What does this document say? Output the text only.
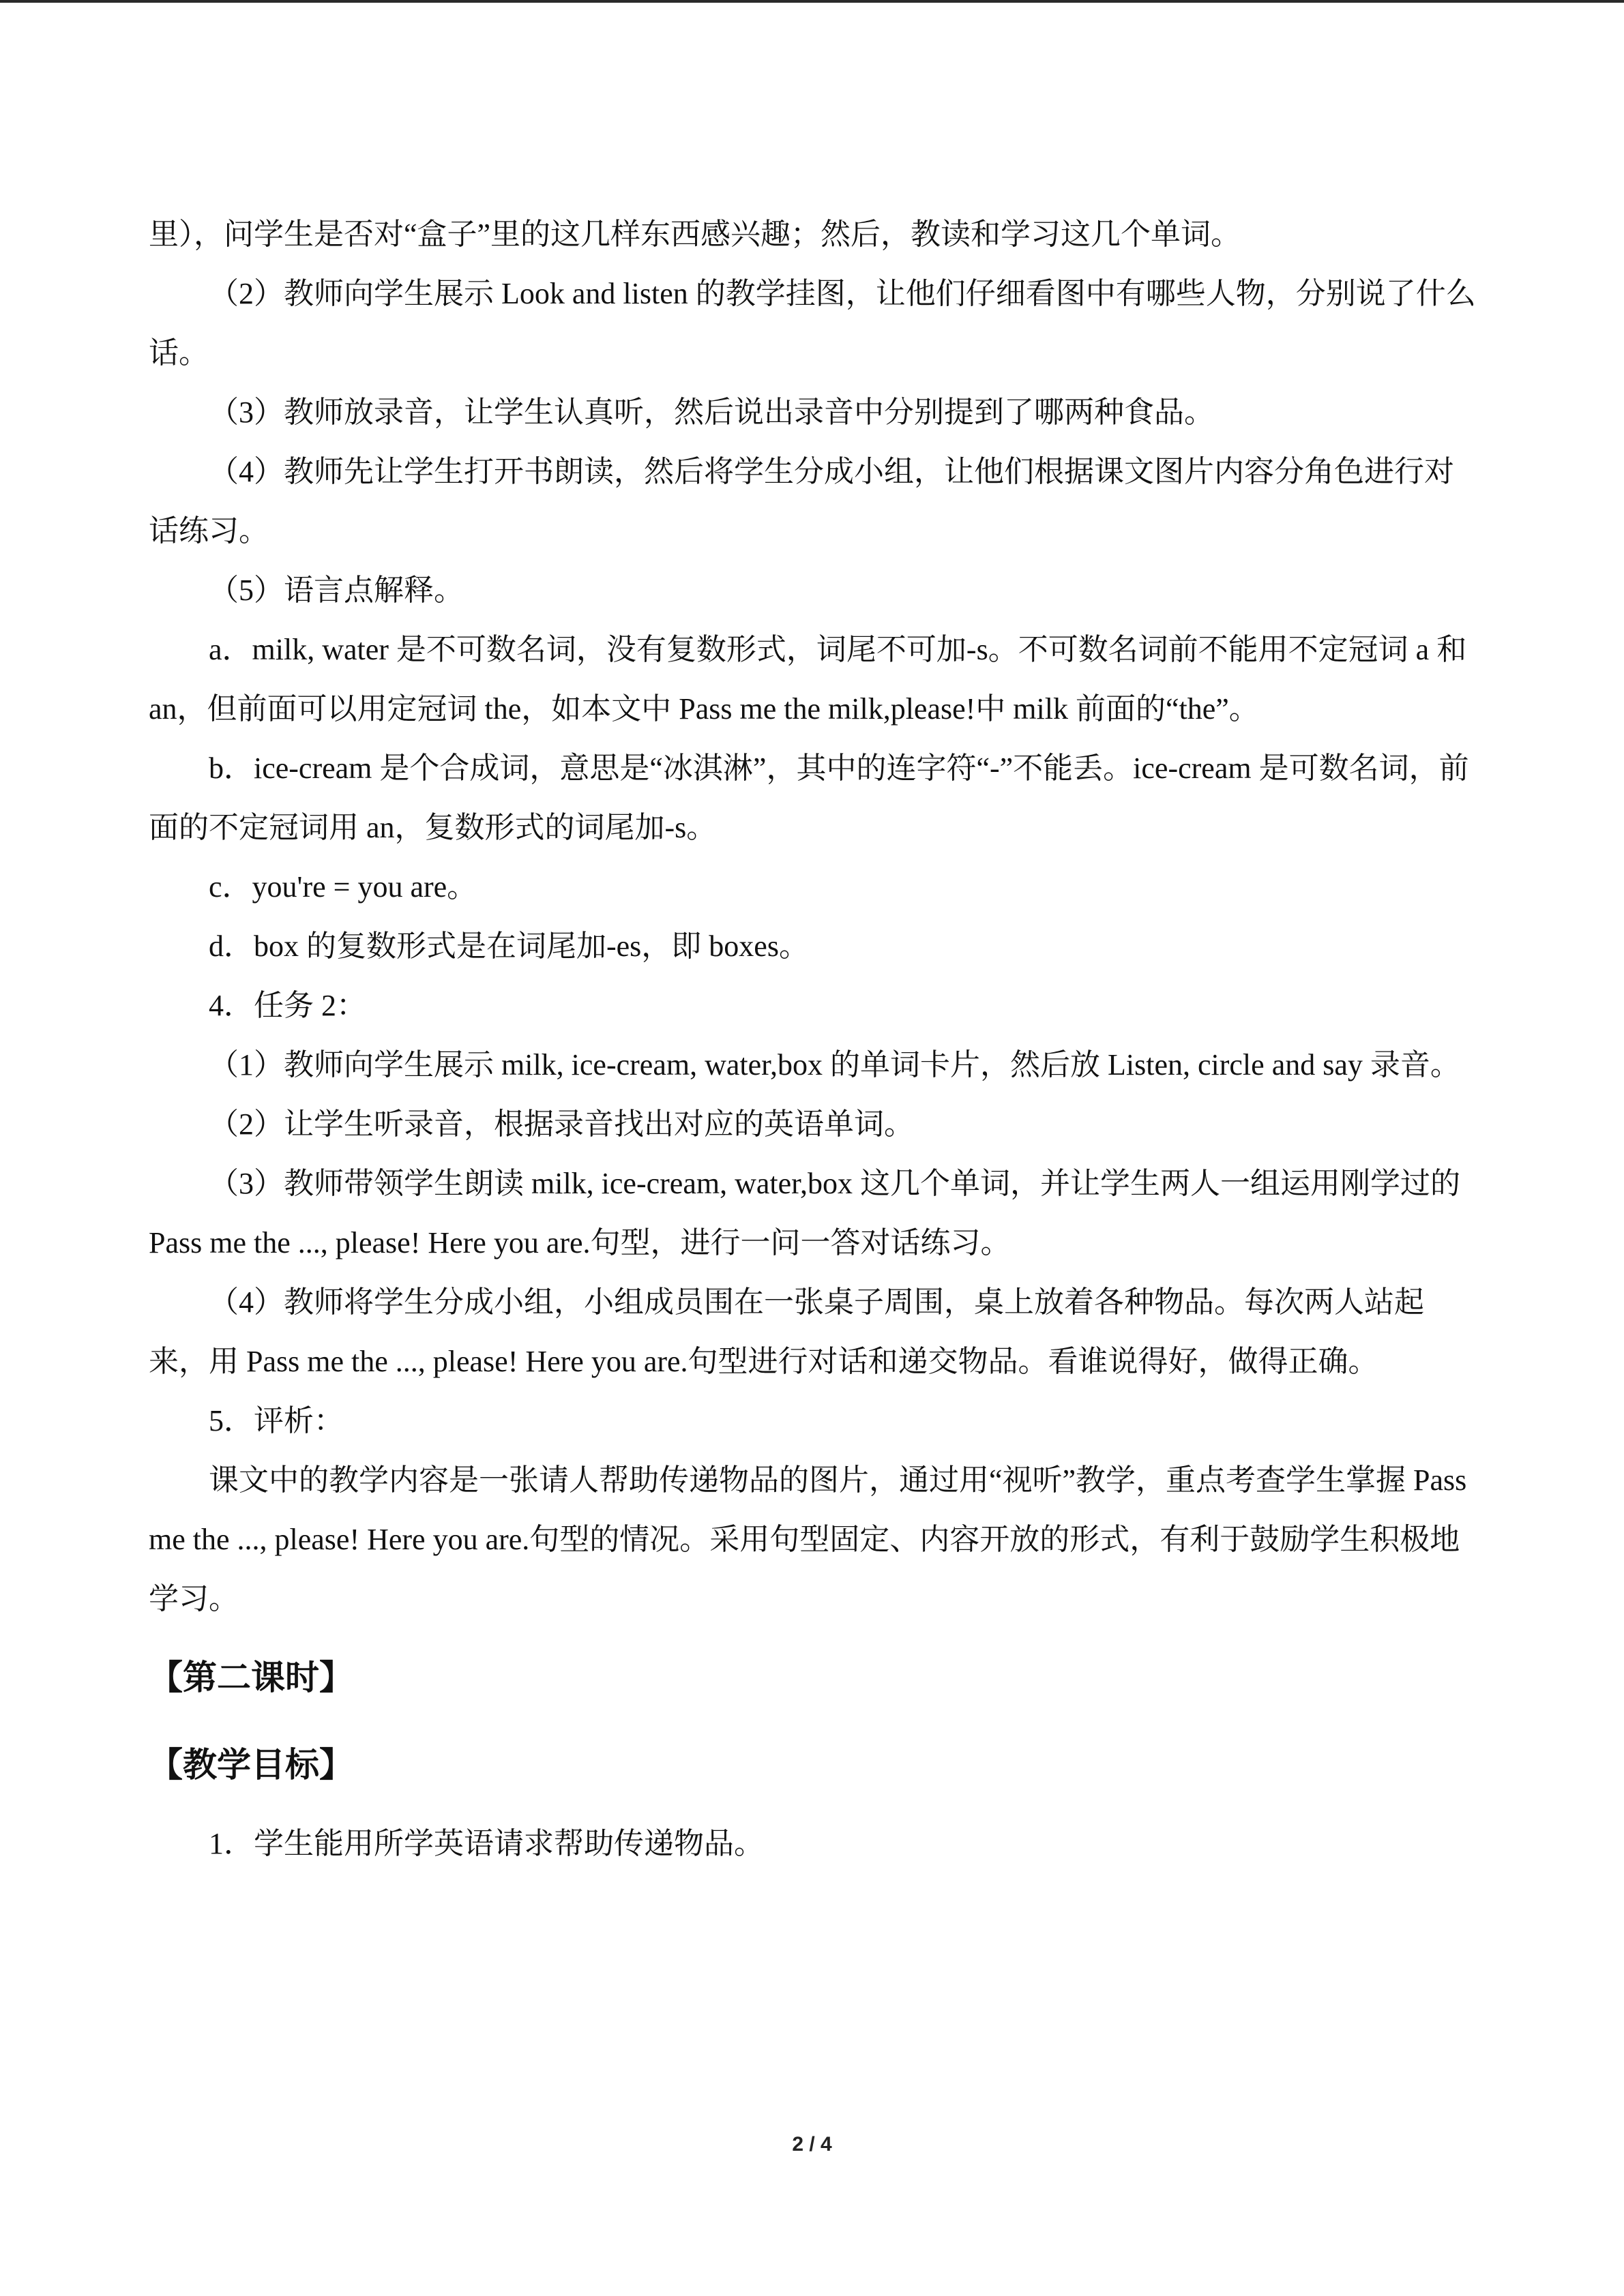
里），问学生是否对“盒子”里的这几样东西感兴趣；然后，教读和学习这几个单词。

（2）教师向学生展示 Look and listen 的教学挂图，让他们仔细看图中有哪些人物，分别说了什么话。

（3）教师放录音，让学生认真听，然后说出录音中分别提到了哪两种食品。

（4）教师先让学生打开书朗读，然后将学生分成小组，让他们根据课文图片内容分角色进行对话练习。

（5）语言点解释。

a．milk, water 是不可数名词，没有复数形式，词尾不可加-s。不可数名词前不能用不定冠词 a 和 an，但前面可以用定冠词 the，如本文中 Pass me the milk,please!中 milk 前面的“the”。

b．ice-cream 是个合成词，意思是“冰淇淋”，其中的连字符“-”不能丢。ice-cream 是可数名词，前面的不定冠词用 an，复数形式的词尾加-s。

c．you're = you are。

d．box 的复数形式是在词尾加-es，即 boxes。

4．任务 2：

（1）教师向学生展示 milk, ice-cream, water,box 的单词卡片，然后放 Listen, circle and say 录音。

（2）让学生听录音，根据录音找出对应的英语单词。

（3）教师带领学生朗读 milk, ice-cream, water,box 这几个单词，并让学生两人一组运用刚学过的 Pass me the ..., please! Here you are.句型，进行一问一答对话练习。

（4）教师将学生分成小组，小组成员围在一张桌子周围，桌上放着各种物品。每次两人站起来，用 Pass me the ..., please! Here you are.句型进行对话和递交物品。看谁说得好，做得正确。

5．评析：

课文中的教学内容是一张请人帮助传递物品的图片，通过用“视听”教学，重点考查学生掌握 Pass me the ..., please! Here you are.句型的情况。采用句型固定、内容开放的形式，有利于鼓励学生积极地学习。

【第二课时】
【教学目标】

1．学生能用所学英语请求帮助传递物品。

2 / 4
